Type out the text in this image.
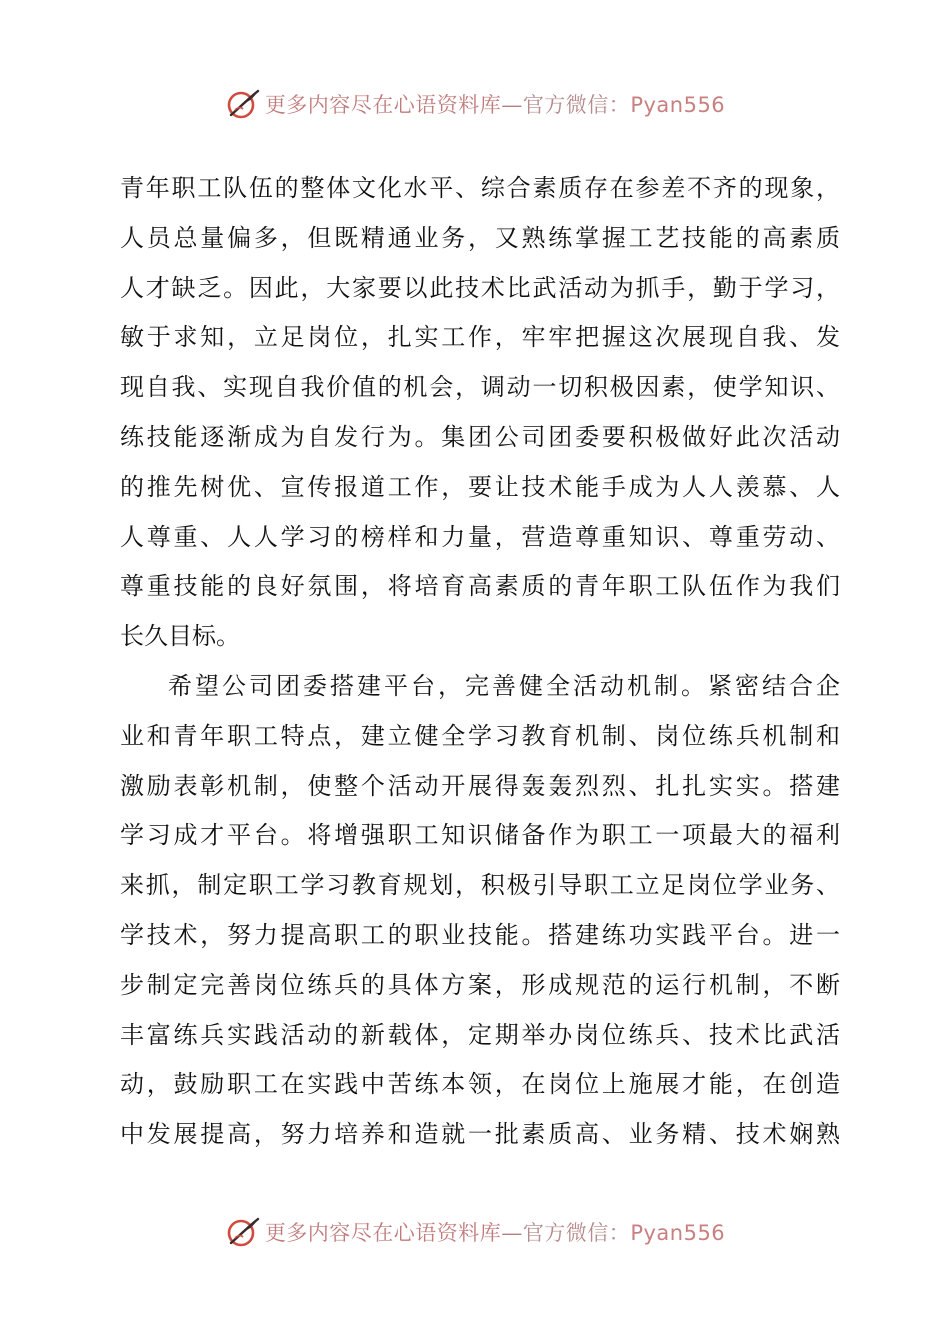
更多内容尽在心语资料库—官方微信：Pyan556
青年职工队伍的整体文化水平、综合素质存在参差不齐的现象，
人员总量偏多，但既精通业务，又熟练掌握工艺技能的高素质
人才缺乏。因此，大家要以此技术比武活动为抓手，勤于学习，
敏于求知，立足岗位，扎实工作，牢牢把握这次展现自我、发
现自我、实现自我价值的机会，调动一切积极因素，使学知识、
练技能逐渐成为自发行为。集团公司团委要积极做好此次活动
的推先树优、宣传报道工作，要让技术能手成为人人羡慕、人
人尊重、人人学习的榜样和力量，营造尊重知识、尊重劳动、
尊重技能的良好氛围，将培育高素质的青年职工队伍作为我们
长久目标。
希望公司团委搭建平台，完善健全活动机制。紧密结合企
业和青年职工特点，建立健全学习教育机制、岗位练兵机制和
激励表彰机制，使整个活动开展得轰轰烈烈、扎扎实实。搭建
学习成才平台。将增强职工知识储备作为职工一项最大的福利
来抓，制定职工学习教育规划，积极引导职工立足岗位学业务、
学技术，努力提高职工的职业技能。搭建练功实践平台。进一
步制定完善岗位练兵的具体方案，形成规范的运行机制，不断
丰富练兵实践活动的新载体，定期举办岗位练兵、技术比武活
动，鼓励职工在实践中苦练本领，在岗位上施展才能，在创造
中发展提高，努力培养和造就一批素质高、业务精、技术娴熟
更多内容尽在心语资料库—官方微信：Pyan556
